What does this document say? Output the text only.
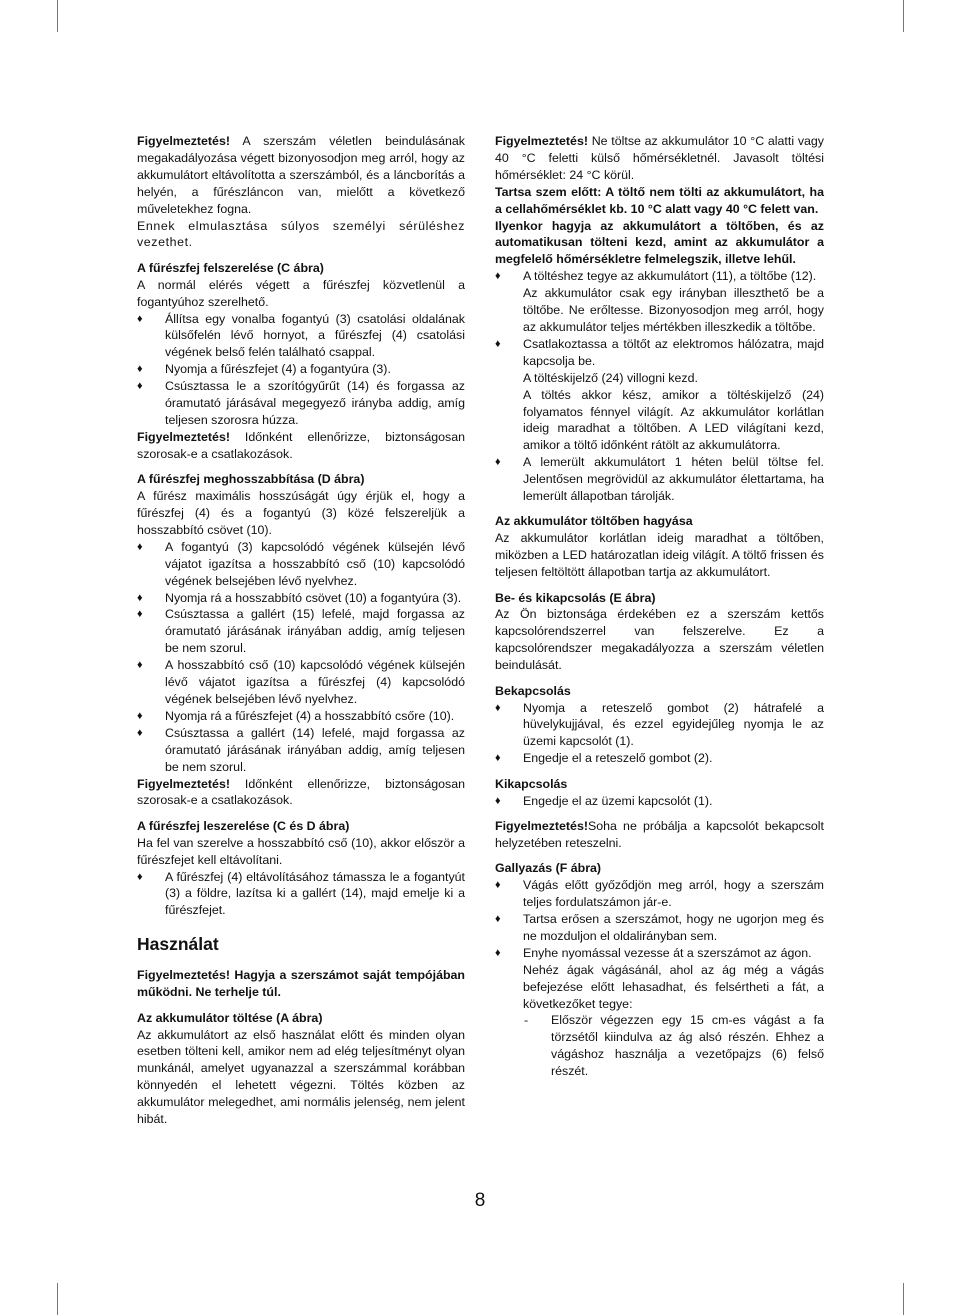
Figyelmeztetés! A szerszám véletlen beindulásának megakadályozása végett bizonyosodjon meg arról, hogy az akkumulátort eltávolította a szerszámból, és a láncborítás a helyén, a fűrészláncon van, mielőtt a következő műveletekhez fogna.

Ennek elmulasztása súlyos személyi sérüléshez vezethet.

A fűrészfej felszerelése (C ábra)

A normál elérés végett a fűrészfej közvetlenül a fogantyúhoz szerelhető.

♦ Állítsa egy vonalba fogantyú (3) csatolási oldalának külsőfelén lévő hornyot, a fűrészfej (4) csatolási végének belső felén található csappal.
♦ Nyomja a fűrészfejet (4) a fogantyúra (3).
♦ Csúsztassa le a szorítógyűrűt (14) és forgassa az óramutató járásával megegyező irányba addig, amíg teljesen szorosra húzza.

Figyelmeztetés! Időnként ellenőrizze, biztonságosan szorosak-e a csatlakozások.

A fűrészfej meghosszabbítása (D ábra)

A fűrész maximális hosszúságát úgy érjük el, hogy a fűrészfej (4) és a fogantyú (3) közé felszereljük a hosszabbító csövet (10).

♦ A fogantyú (3) kapcsolódó végének külsején lévő vájatot igazítsa a hosszabbító cső (10) kapcsolódó végének belsejében lévő nyelvhez.
♦ Nyomja rá a hosszabbító csövet (10) a fogantyúra (3).
♦ Csúsztassa a gallért (15) lefelé, majd forgassa az óramutató járásának irányában addig, amíg teljesen be nem szorul.
♦ A hosszabbító cső (10) kapcsolódó végének külsején lévő vájatot igazítsa a fűrészfej (4) kapcsolódó végének belsejében lévő nyelvhez.
♦ Nyomja rá a fűrészfejet (4) a hosszabbító csőre (10).
♦ Csúsztassa a gallért (14) lefelé, majd forgassa az óramutató járásának irányában addig, amíg teljesen be nem szorul.

Figyelmeztetés! Időnként ellenőrizze, biztonságosan szorosak-e a csatlakozások.

A fűrészfej leszerelése (C és D ábra)

Ha fel van szerelve a hosszabbító cső (10), akkor először a fűrészfejet kell eltávolítani.

♦ A fűrészfej (4) eltávolításához támassza le a fogantyút (3) a földre, lazítsa ki a gallért (14), majd emelje ki a fűrészfejet.
Használat

Figyelmeztetés! Hagyja a szerszámot saját tempójában működni. Ne terhelje túl.

Az akkumulátor töltése (A ábra)

Az akkumulátort az első használat előtt és minden olyan esetben tölteni kell, amikor nem ad elég teljesítményt olyan munkánál, amelyet ugyanazzal a szerszámmal korábban könnyedén el lehetett végezni. Töltés közben az akkumulátor melegedhet, ami normális jelenség, nem jelent hibát.

Figyelmeztetés! Ne töltse az akkumulátor 10 °C alatti vagy 40 °C feletti külső hőmérsékletnél. Javasolt töltési hőmérséklet: 24 °C körül.

Tartsa szem előtt: A töltő nem tölti az akkumulátort, ha a cellahőmérséklet kb. 10 °C alatt vagy 40 °C felett van.

Ilyenkor hagyja az akkumulátort a töltőben, és az automatikusan tölteni kezd, amint az akkumulátor a megfelelő hőmérsékletre felmelegszik, illetve lehűl.

♦ A töltéshez tegye az akkumulátort (11), a töltőbe (12).

Az akkumulátor csak egy irányban illeszthető be a töltőbe. Ne erőltesse. Bizonyosodjon meg arról, hogy az akkumulátor teljes mértékben illeszkedik a töltőbe.

♦ Csatlakoztassa a töltőt az elektromos hálózatra, majd kapcsolja be.

A töltéskijelző (24) villogni kezd.

A töltés akkor kész, amikor a töltéskijelző (24) folyamatos fénnyel világít. Az akkumulátor korlátlan ideig maradhat a töltőben. A LED világítani kezd, amikor a töltő időnként rátölt az akkumulátorra.

♦ A lemerült akkumulátort 1 héten belül töltse fel. Jelentősen megrövidül az akkumulátor élettartama, ha lemerült állapotban tárolják.

Az akkumulátor töltőben hagyása

Az akkumulátor korlátlan ideig maradhat a töltőben, miközben a LED határozatlan ideig világít. A töltő frissen és teljesen feltöltött állapotban tartja az akkumulátort.

Be- és kikapcsolás (E ábra)

Az Ön biztonsága érdekében ez a szerszám kettős kapcsolórendszerrel van felszerelve. Ez a kapcsolórendszer megakadályozza a szerszám véletlen beindulását.

Bekapcsolás

♦ Nyomja a reteszelő gombot (2) hátrafelé a hüvelykujjával, és ezzel egyidejűleg nyomja le az üzemi kapcsolót (1).
♦ Engedje el a reteszelő gombot (2).

Kikapcsolás

♦ Engedje el az üzemi kapcsolót (1).

Figyelmeztetés!Soha ne próbálja a kapcsolót bekapcsolt helyzetében reteszelni.

Gallyazás (F ábra)

♦ Vágás előtt győződjön meg arról, hogy a szerszám teljes fordulatszámon jár-e.
♦ Tartsa erősen a szerszámot, hogy ne ugorjon meg és ne mozduljon el oldalirányban sem.
♦ Enyhe nyomással vezesse át a szerszámot az ágon.

Nehéz ágak vágásánál, ahol az ág még a vágás befejezése előtt lehasadhat, és felsértheti a fát, a következőket tegye:

- Először végezzen egy 15 cm-es vágást a fa törzsétől kiindulva az ág alsó részén. Ehhez a vágáshoz használja a vezetőpajzs (6) felső részét.
8
